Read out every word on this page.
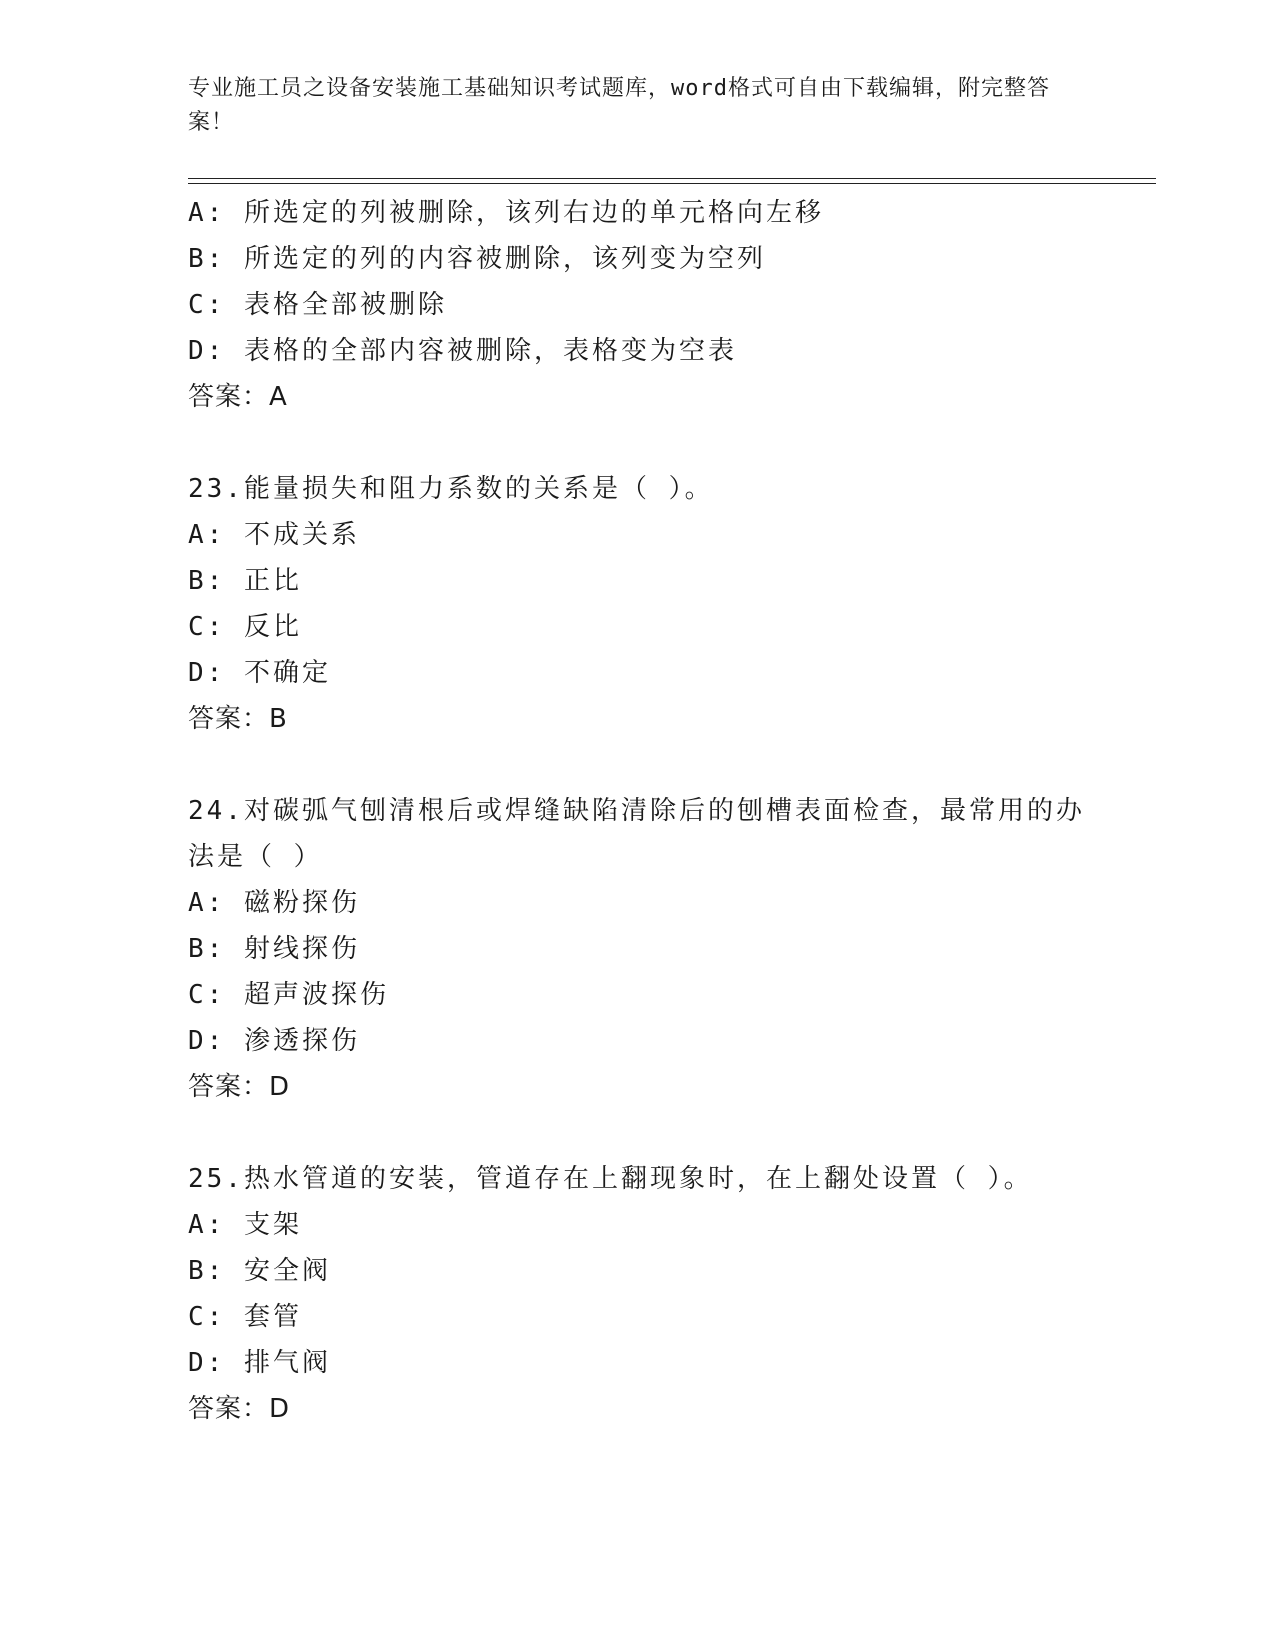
专业施工员之设备安装施工基础知识考试题库，word格式可自由下载编辑，附完整答案！
A: 所选定的列被删除，该列右边的单元格向左移
B: 所选定的列的内容被删除，该列变为空列
C: 表格全部被删除
D: 表格的全部内容被删除，表格变为空表
答案：A
23.能量损失和阻力系数的关系是（ ）。
A: 不成关系
B: 正比
C: 反比
D: 不确定
答案：B
24.对碳弧气刨清根后或焊缝缺陷清除后的刨槽表面检查，最常用的办
法是（ ）
A: 磁粉探伤
B: 射线探伤
C: 超声波探伤
D: 渗透探伤
答案：D
25.热水管道的安装，管道存在上翻现象时，在上翻处设置（ ）。
A: 支架
B: 安全阀
C: 套管
D: 排气阀
答案：D
